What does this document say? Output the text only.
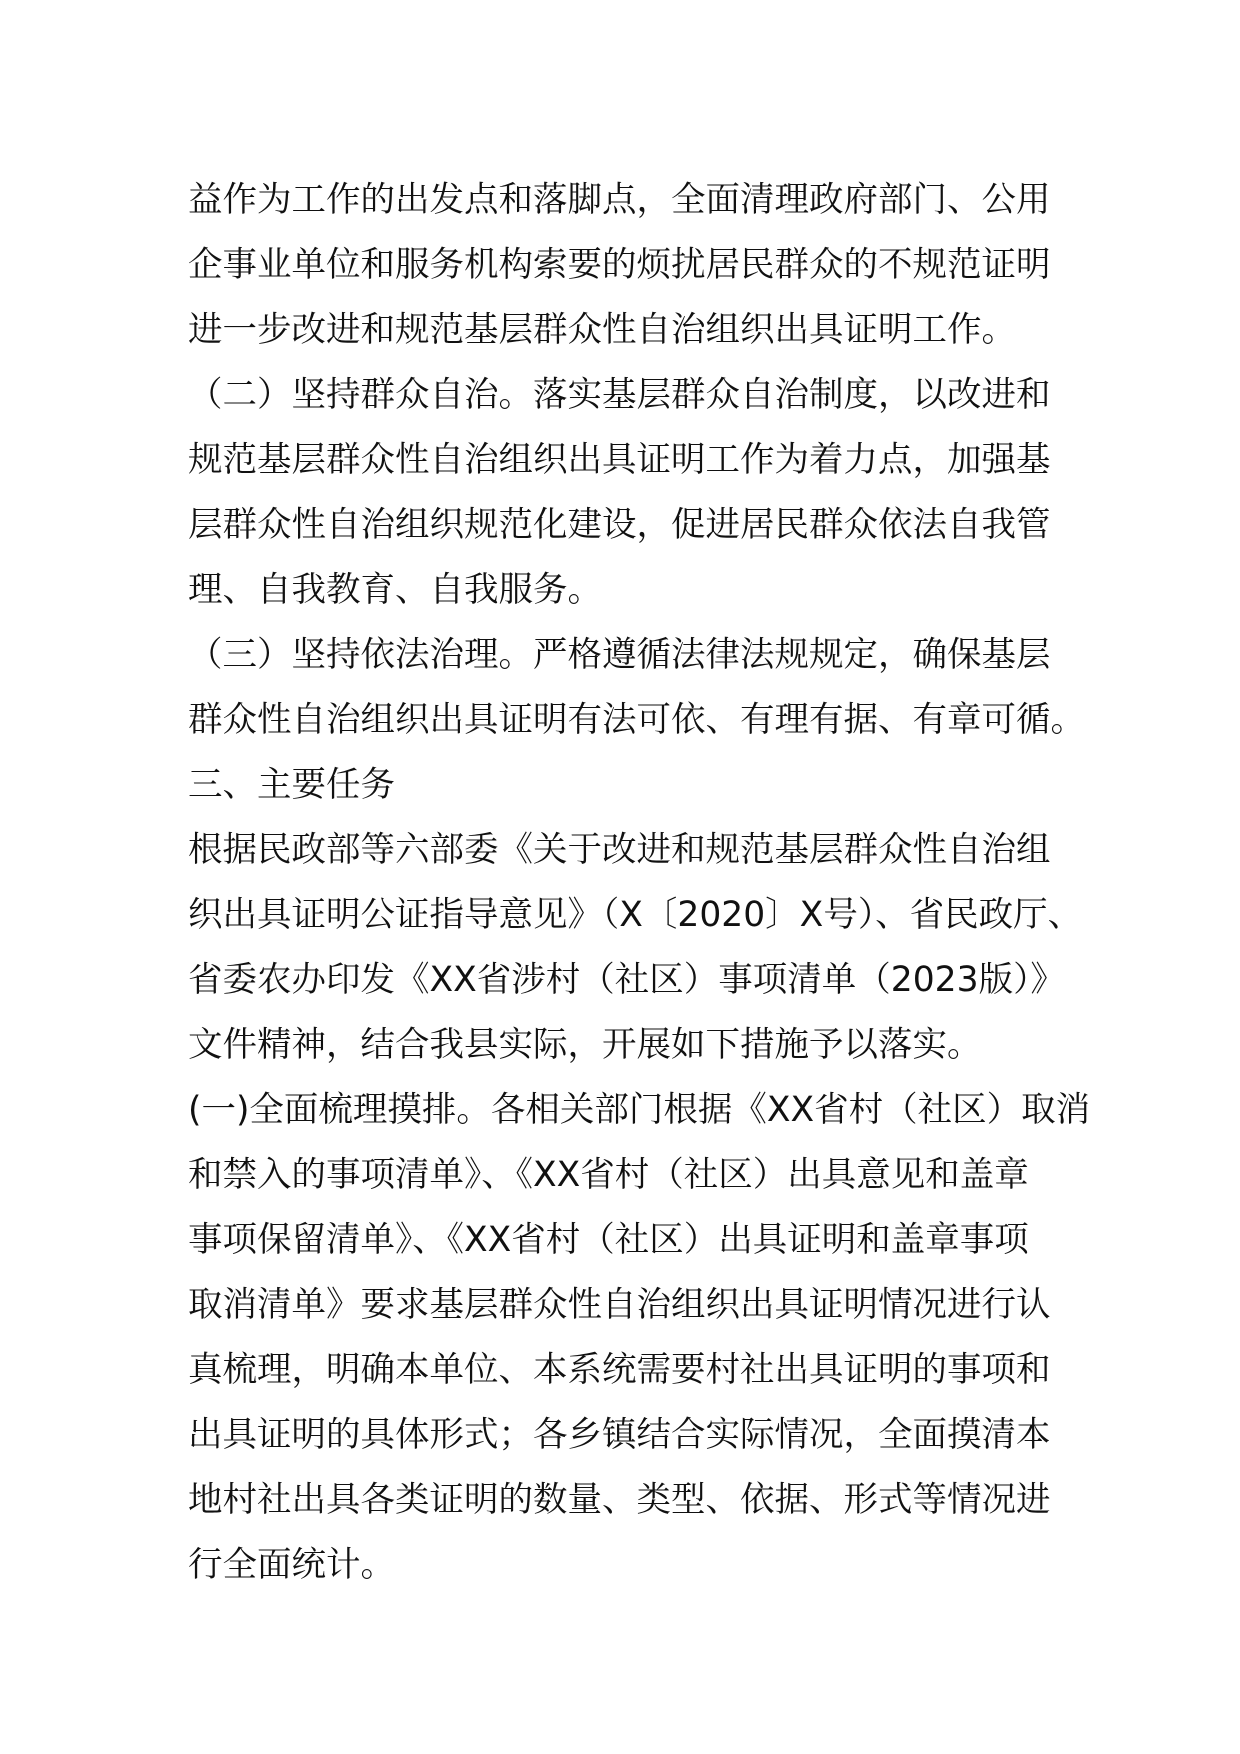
益作为工作的出发点和落脚点，全面清理政府部门、公用
企事业单位和服务机构索要的烦扰居民群众的不规范证明
进一步改进和规范基层群众性自治组织出具证明工作。
（二）坚持群众自治。落实基层群众自治制度，以改进和
规范基层群众性自治组织出具证明工作为着力点，加强基
层群众性自治组织规范化建设，促进居民群众依法自我管
理、自我教育、自我服务。
（三）坚持依法治理。严格遵循法律法规规定，确保基层
群众性自治组织出具证明有法可依、有理有据、有章可循。
三、主要任务
根据民政部等六部委《关于改进和规范基层群众性自治组
织出具证明公证指导意见》（X〔2020〕X号）、省民政厅、
省委农办印发《XX省涉村（社区）事项清单（2023版）》
文件精神，结合我县实际，开展如下措施予以落实。
(一)全面梳理摸排。各相关部门根据《XX省村（社区）取消
和禁入的事项清单》、《XX省村（社区）出具意见和盖章
事项保留清单》、《XX省村（社区）出具证明和盖章事项
取消清单》要求基层群众性自治组织出具证明情况进行认
真梳理，明确本单位、本系统需要村社出具证明的事项和
出具证明的具体形式；各乡镇结合实际情况，全面摸清本
地村社出具各类证明的数量、类型、依据、形式等情况进
行全面统计。
